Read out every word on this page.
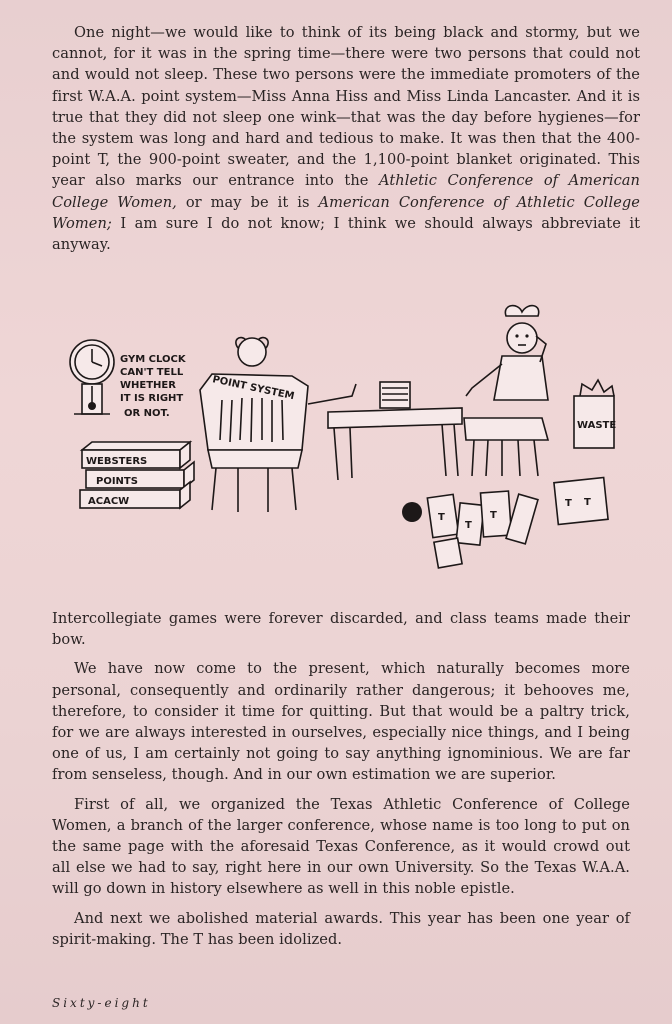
One night—we would like to think of its being black and stormy, but we cannot, for it was in the spring time—there were two persons that could not and would not sleep. These two persons were the immediate promoters of the first W.A.A. point system—Miss Anna Hiss and Miss Linda Lancaster. And it is true that they did not sleep one wink—that was the day before hygienes—for the system was long and hard and tedious to make. It was then that the 400-point T, the 900-point sweater, and the 1,100-point blanket originated. This year also marks our entrance into the Athletic Conference of American College Women, or may be it is American Conference of Athletic College Women; I am sure I do not know; I think we should always abbreviate it anyway.

GYM CLOCK
CAN'T TELL
WHETHER
IT IS RIGHT
OR NOT.
WEBSTERS
POINTS
ACACW
POINT SYSTEM
WASTE
T
T
T
T T

Intercollegiate games were forever discarded, and class teams made their bow.

We have now come to the present, which naturally becomes more personal, consequently and ordinarily rather dangerous; it behooves me, therefore, to consider it time for quitting. But that would be a paltry trick, for we are always interested in ourselves, especially nice things, and I being one of us, I am certainly not going to say anything ignominious. We are far from senseless, though. And in our own estimation we are superior.

First of all, we organized the Texas Athletic Conference of College Women, a branch of the larger conference, whose name is too long to put on the same page with the aforesaid Texas Conference, as it would crowd out all else we had to say, right here in our own University. So the Texas W.A.A. will go down in history elsewhere as well in this noble epistle.

And next we abolished material awards. This year has been one year of spirit-making. The T has been idolized.

Sixty-eight
